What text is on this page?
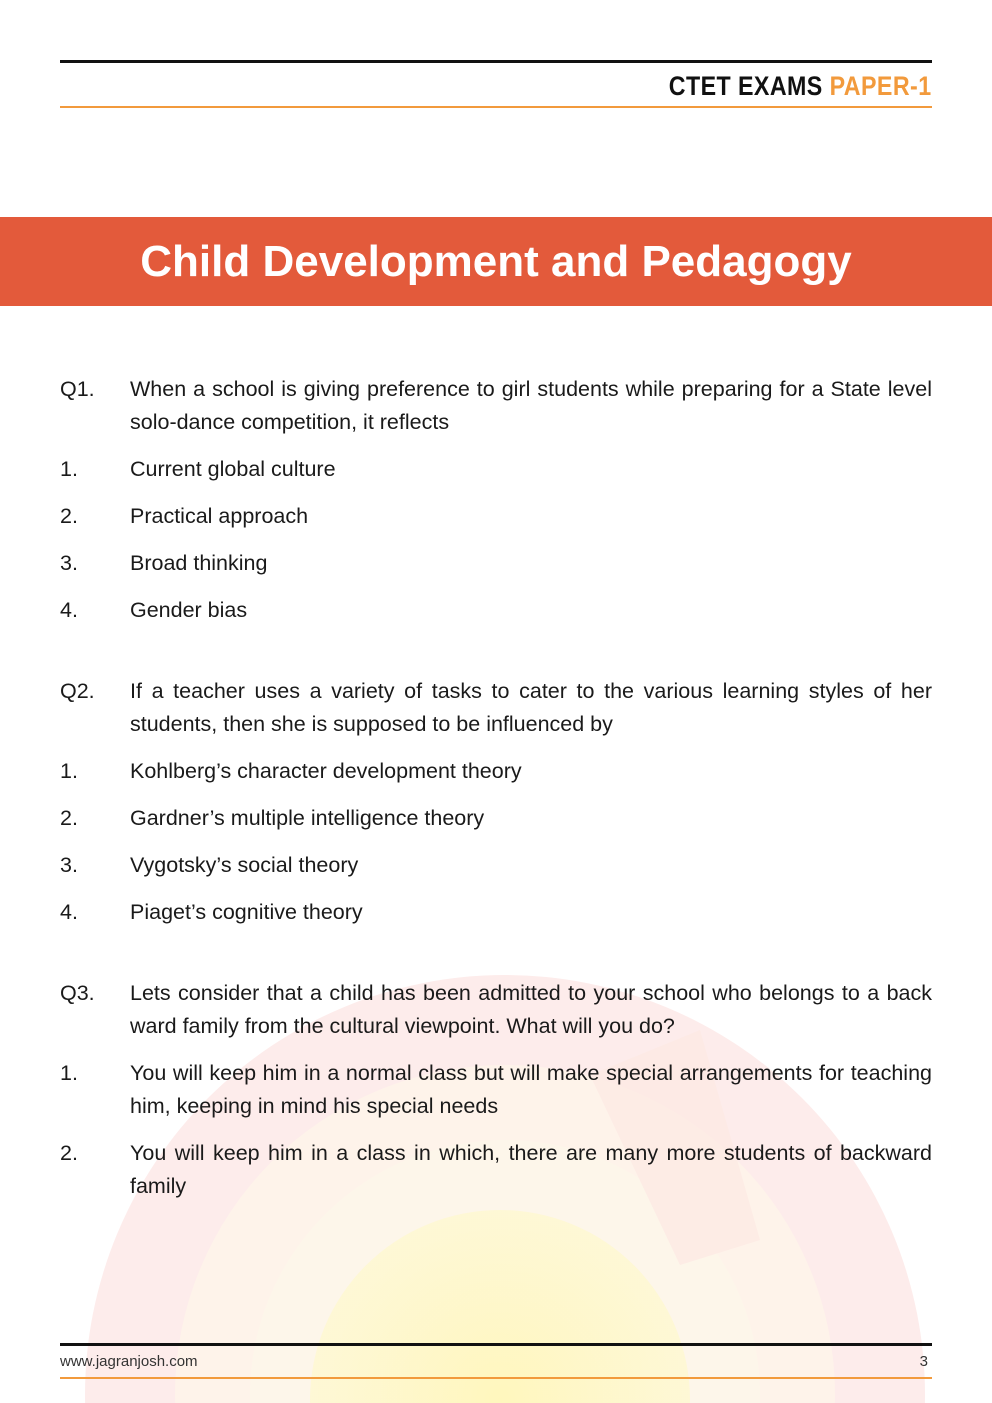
CTET EXAMS PAPER-1
Child Development and Pedagogy
Q1.	When a school is giving preference to girl students while preparing for a State level solo-dance competition, it reflects
1.	Current global culture
2.	Practical approach
3.	Broad thinking
4.	Gender bias
Q2.	If a teacher uses a variety of tasks to cater to the various learning styles of her students, then she is supposed to be influenced by
1.	Kohlberg’s character development theory
2.	Gardner’s multiple intelligence theory
3.	Vygotsky’s social theory
4.	Piaget’s cognitive theory
Q3.	Lets consider that a child has been admitted to your school who belongs to a back ward family from the cultural viewpoint. What will you do?
1.	You will keep him in a normal class but will make special arrangements for teaching him, keeping in mind his special needs
2.	You will keep him in a class in which, there are many more students of backward family
www.jagranjosh.com	3
